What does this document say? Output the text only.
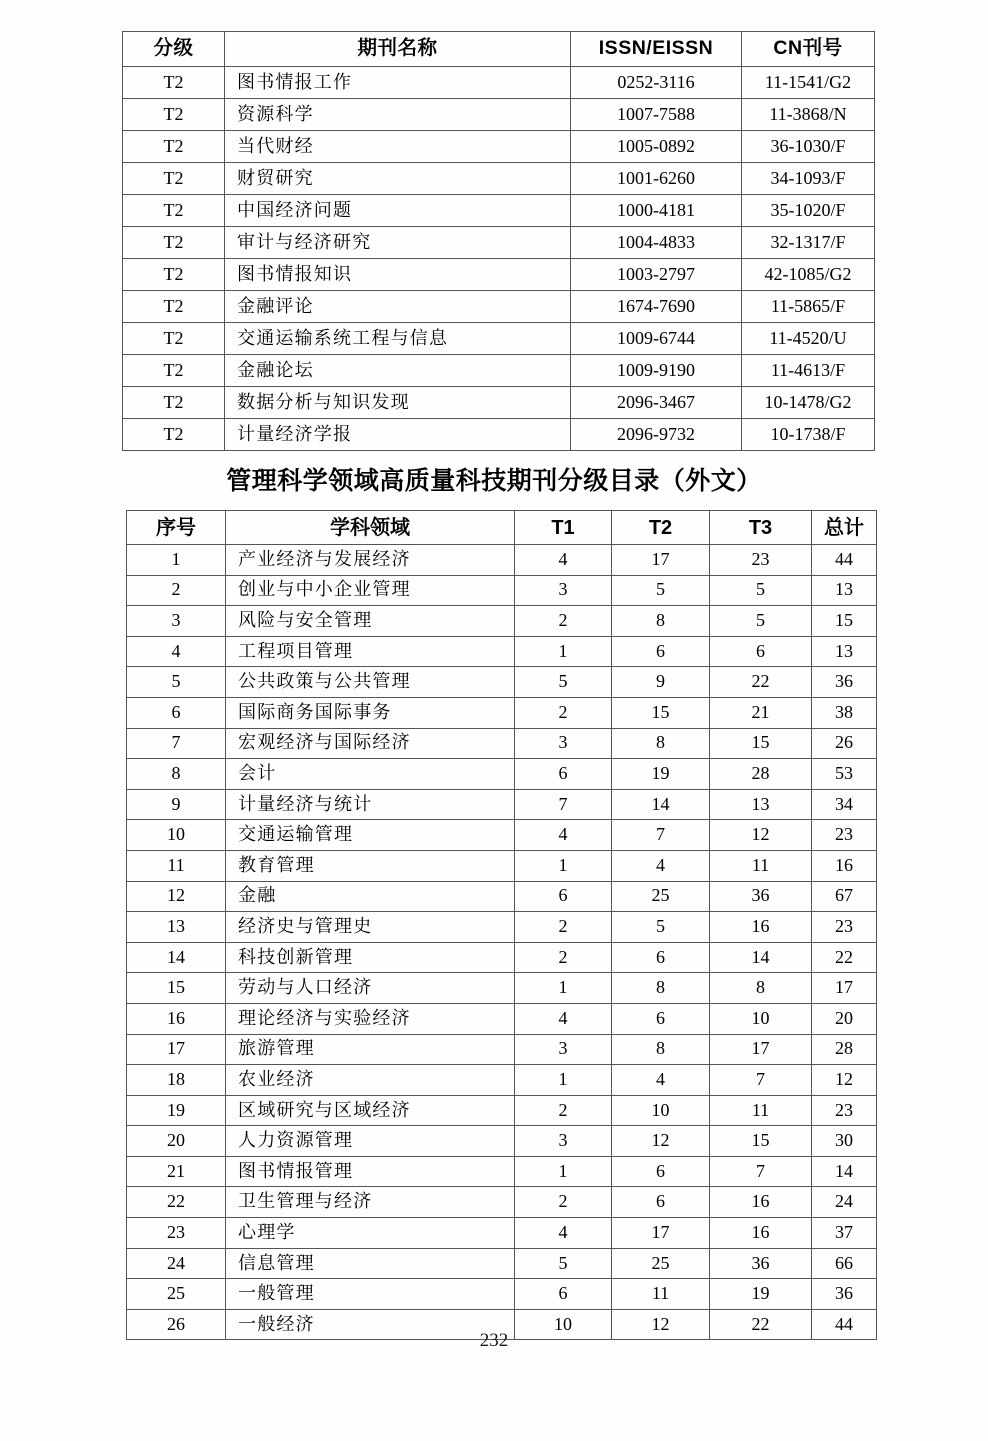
分级	期刊名称	ISSN/EISSN	CN刊号
T2	图书情报工作	0252-3116	11-1541/G2
T2	资源科学	1007-7588	11-3868/N
T2	当代财经	1005-0892	36-1030/F
T2	财贸研究	1001-6260	34-1093/F
T2	中国经济问题	1000-4181	35-1020/F
T2	审计与经济研究	1004-4833	32-1317/F
T2	图书情报知识	1003-2797	42-1085/G2
T2	金融评论	1674-7690	11-5865/F
T2	交通运输系统工程与信息	1009-6744	11-4520/U
T2	金融论坛	1009-9190	11-4613/F
T2	数据分析与知识发现	2096-3467	10-1478/G2
T2	计量经济学报	2096-9732	10-1738/F
管理科学领域高质量科技期刊分级目录（外文）
序号	学科领域	T1	T2	T3	总计
1	产业经济与发展经济	4	17	23	44
2	创业与中小企业管理	3	5	5	13
3	风险与安全管理	2	8	5	15
4	工程项目管理	1	6	6	13
5	公共政策与公共管理	5	9	22	36
6	国际商务国际事务	2	15	21	38
7	宏观经济与国际经济	3	8	15	26
8	会计	6	19	28	53
9	计量经济与统计	7	14	13	34
10	交通运输管理	4	7	12	23
11	教育管理	1	4	11	16
12	金融	6	25	36	67
13	经济史与管理史	2	5	16	23
14	科技创新管理	2	6	14	22
15	劳动与人口经济	1	8	8	17
16	理论经济与实验经济	4	6	10	20
17	旅游管理	3	8	17	28
18	农业经济	1	4	7	12
19	区域研究与区域经济	2	10	11	23
20	人力资源管理	3	12	15	30
21	图书情报管理	1	6	7	14
22	卫生管理与经济	2	6	16	24
23	心理学	4	17	16	37
24	信息管理	5	25	36	66
25	一般管理	6	11	19	36
26	一般经济	10	12	22	44
232
